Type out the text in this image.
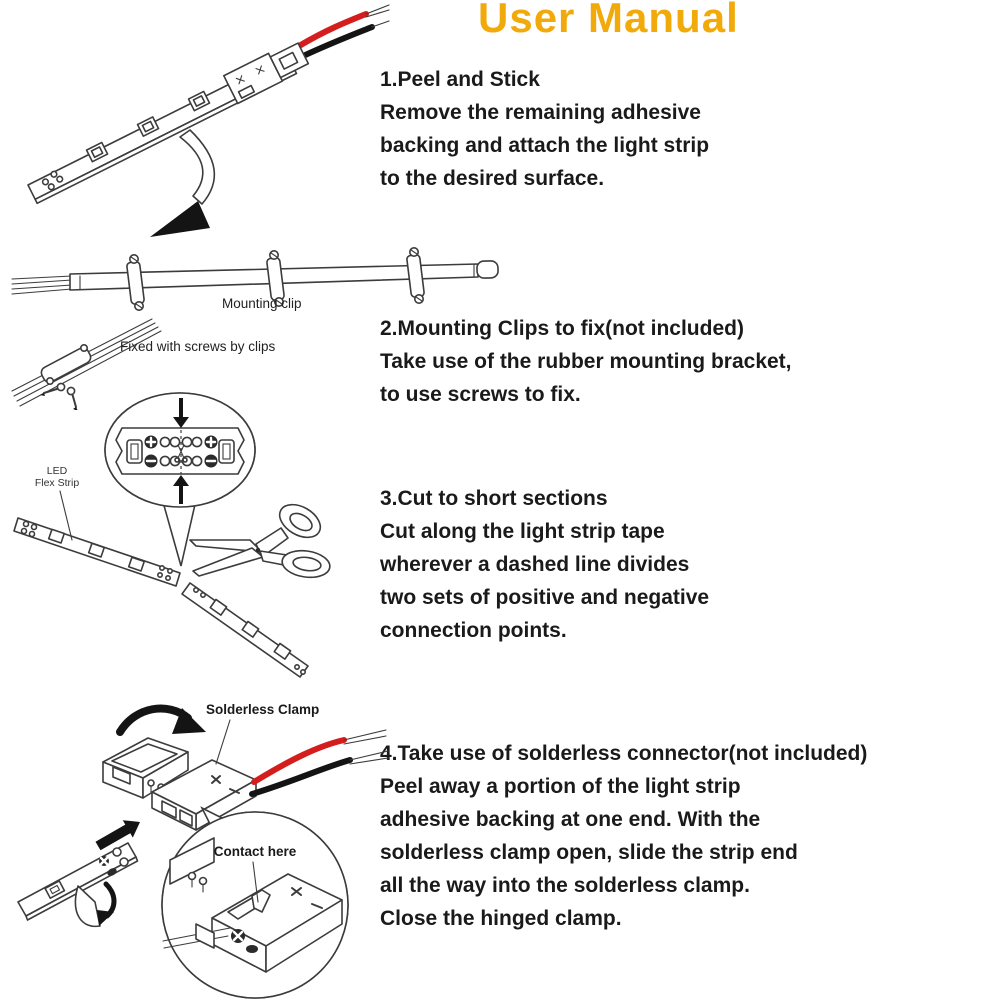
User Manual
1.Peel and Stick
Remove the remaining adhesive
backing and attach the light strip
to the desired surface.
2.Mounting Clips to fix(not included)
Take use of the rubber mounting bracket,
to use screws to fix.
3.Cut to short sections
Cut along the light strip tape
wherever a dashed line divides
two sets of positive and negative
connection points.
4.Take use of solderless connector(not included)
Peel away a portion of the light strip
adhesive backing at one end. With the
solderless clamp open, slide the strip end
all the way into the solderless clamp.
Close the hinged clamp.
Mounting clip
Fixed with screws by clips
LED
Flex Strip
Solderless Clamp
Contact here
